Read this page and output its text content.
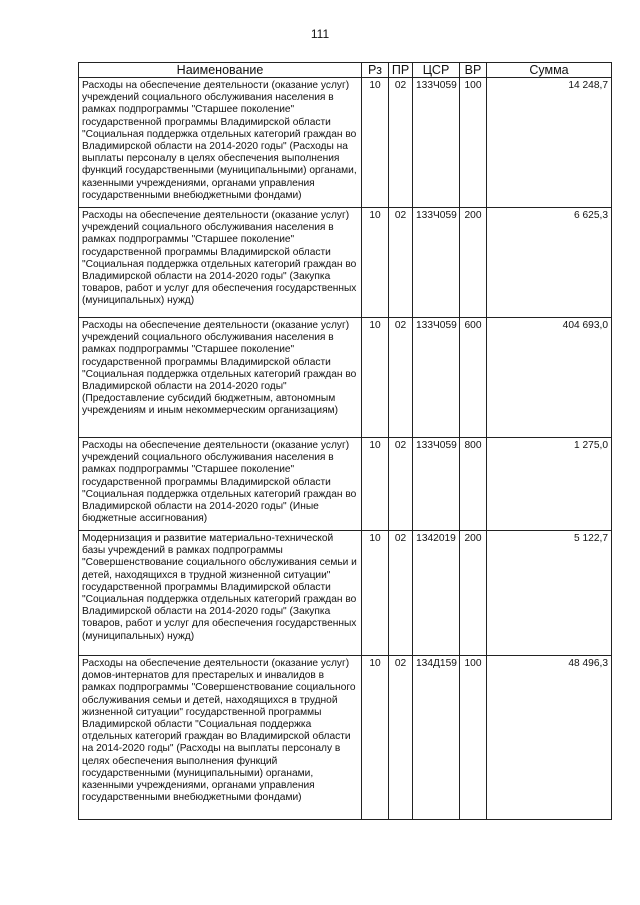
111
Наименование	Рз	ПР	ЦСР	ВР	Сумма
Расходы на обеспечение деятельности (оказание услуг) учреждений социального обслуживания населения в рамках подпрограммы "Старшее поколение" государственной программы Владимирской области "Социальная поддержка отдельных категорий граждан во Владимирской области на 2014-2020 годы" (Расходы на выплаты персоналу в целях обеспечения выполнения функций государственными (муниципальными) органами, казенными учреждениями, органами управления государственными внебюджетными фондами)	10	02	133Ч059	100	14 248,7
Расходы на обеспечение деятельности (оказание услуг) учреждений социального обслуживания населения в рамках подпрограммы "Старшее поколение" государственной программы Владимирской области "Социальная поддержка отдельных категорий граждан во Владимирской области на 2014-2020 годы" (Закупка товаров, работ и услуг для обеспечения государственных (муниципальных) нужд)	10	02	133Ч059	200	6 625,3
Расходы на обеспечение деятельности (оказание услуг) учреждений социального обслуживания населения в рамках подпрограммы "Старшее поколение" государственной программы Владимирской области "Социальная поддержка отдельных категорий граждан во Владимирской области на 2014-2020 годы" (Предоставление субсидий бюджетным, автономным учреждениям и иным некоммерческим организациям)	10	02	133Ч059	600	404 693,0
Расходы на обеспечение деятельности (оказание услуг) учреждений социального обслуживания населения в рамках подпрограммы "Старшее поколение" государственной программы Владимирской области "Социальная поддержка отдельных категорий граждан во Владимирской области на 2014-2020 годы" (Иные бюджетные ассигнования)	10	02	133Ч059	800	1 275,0
Модернизация и развитие материально-технической базы учреждений в рамках подпрограммы "Совершенствование социального обслуживания семьи и детей, находящихся в трудной жизненной ситуации" государственной программы Владимирской области "Социальная поддержка отдельных категорий граждан во Владимирской области на 2014-2020 годы" (Закупка товаров, работ и услуг для обеспечения государственных (муниципальных) нужд)	10	02	1342019	200	5 122,7
Расходы на обеспечение деятельности (оказание услуг) домов-интернатов для престарелых и инвалидов в рамках подпрограммы "Совершенствование социального обслуживания семьи и детей, находящихся в трудной жизненной ситуации" государственной программы Владимирской области "Социальная поддержка отдельных категорий граждан во Владимирской области на 2014-2020 годы" (Расходы на выплаты персоналу в целях обеспечения выполнения функций государственными (муниципальными) органами, казенными учреждениями, органами управления государственными внебюджетными фондами)	10	02	134Д159	100	48 496,3
